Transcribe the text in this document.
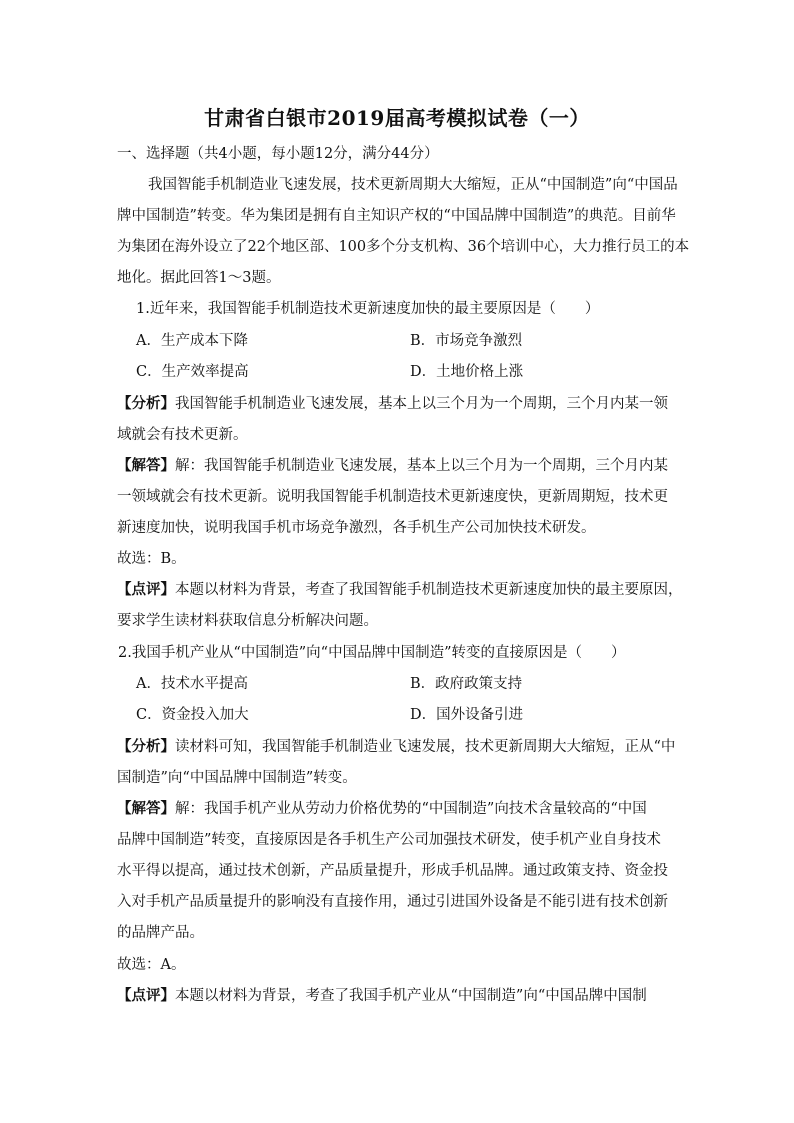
甘肃省白银市2019届高考模拟试卷（一）
一、选择题（共4小题，每小题12分，满分44分）
我国智能手机制造业飞速发展，技术更新周期大大缩短，正从“中国制造”向“中国品
牌中国制造”转变。华为集团是拥有自主知识产权的“中国品牌中国制造”的典范。目前华
为集团在海外设立了22个地区部、100多个分支机构、36个培训中心，大力推行员工的本
地化。据此回答1～3题。
1.近年来，我国智能手机制造技术更新速度加快的最主要原因是（　　）
A．生产成本下降	B．市场竞争激烈
C．生产效率提高	D．土地价格上涨
【分析】我国智能手机制造业飞速发展，基本上以三个月为一个周期，三个月内某一领
域就会有技术更新。
【解答】解：我国智能手机制造业飞速发展，基本上以三个月为一个周期，三个月内某
一领域就会有技术更新。说明我国智能手机制造技术更新速度快，更新周期短，技术更
新速度加快，说明我国手机市场竞争激烈，各手机生产公司加快技术研发。
故选：B。
【点评】本题以材料为背景，考查了我国智能手机制造技术更新速度加快的最主要原因，
要求学生读材料获取信息分析解决问题。
2.我国手机产业从“中国制造”向“中国品牌中国制造”转变的直接原因是（　　）
A．技术水平提高	B．政府政策支持
C．资金投入加大	D．国外设备引进
【分析】读材料可知，我国智能手机制造业飞速发展，技术更新周期大大缩短，正从“中
国制造”向“中国品牌中国制造”转变。
【解答】解：我国手机产业从劳动力价格优势的“中国制造”向技术含量较高的“中国
品牌中国制造”转变，直接原因是各手机生产公司加强技术研发，使手机产业自身技术
水平得以提高，通过技术创新，产品质量提升，形成手机品牌。通过政策支持、资金投
入对手机产品质量提升的影响没有直接作用，通过引进国外设备是不能引进有技术创新
的品牌产品。
故选：A。
【点评】本题以材料为背景，考查了我国手机产业从“中国制造”向“中国品牌中国制
